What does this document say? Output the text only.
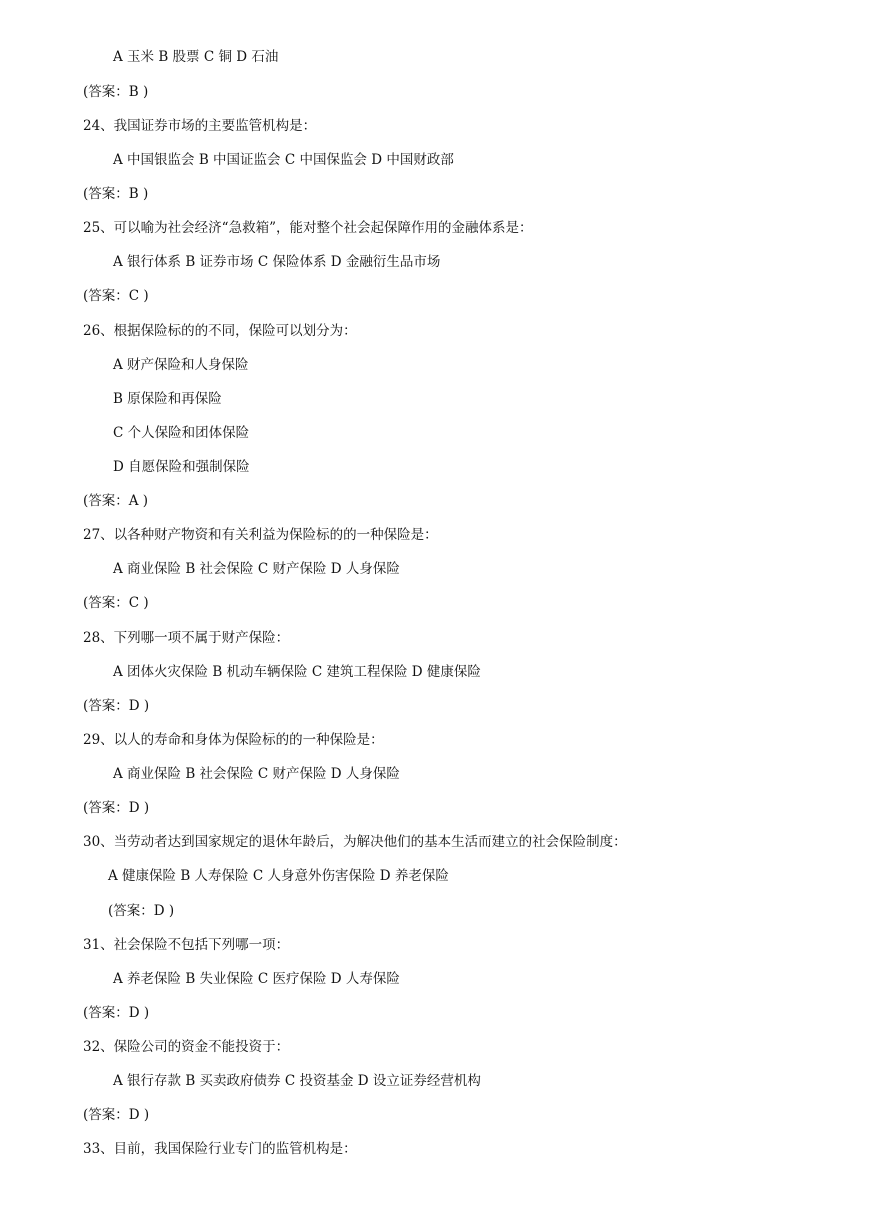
A 玉米 B 股票 C 铜 D 石油
(答案：B )
24、我国证券市场的主要监管机构是：
A 中国银监会 B 中国证监会 C 中国保监会 D 中国财政部
(答案：B )
25、可以喻为社会经济“急救箱”，能对整个社会起保障作用的金融体系是：
A 银行体系 B 证券市场 C 保险体系 D 金融衍生品市场
(答案：C )
26、根据保险标的的不同，保险可以划分为：
A 财产保险和人身保险
B 原保险和再保险
C 个人保险和团体保险
D 自愿保险和强制保险
(答案：A )
27、以各种财产物资和有关利益为保险标的的一种保险是：
A 商业保险 B 社会保险 C 财产保险 D 人身保险
(答案：C )
28、下列哪一项不属于财产保险：
A 团体火灾保险 B 机动车辆保险 C 建筑工程保险 D 健康保险
(答案：D )
29、以人的寿命和身体为保险标的的一种保险是：
A 商业保险 B 社会保险 C 财产保险 D 人身保险
(答案：D )
30、当劳动者达到国家规定的退休年龄后，为解决他们的基本生活而建立的社会保险制度：
A 健康保险 B 人寿保险 C 人身意外伤害保险 D 养老保险
(答案：D )
31、社会保险不包括下列哪一项：
A 养老保险 B 失业保险 C 医疗保险 D 人寿保险
(答案：D )
32、保险公司的资金不能投资于：
A 银行存款 B 买卖政府债券 C 投资基金 D 设立证券经营机构
(答案：D )
33、目前，我国保险行业专门的监管机构是：
